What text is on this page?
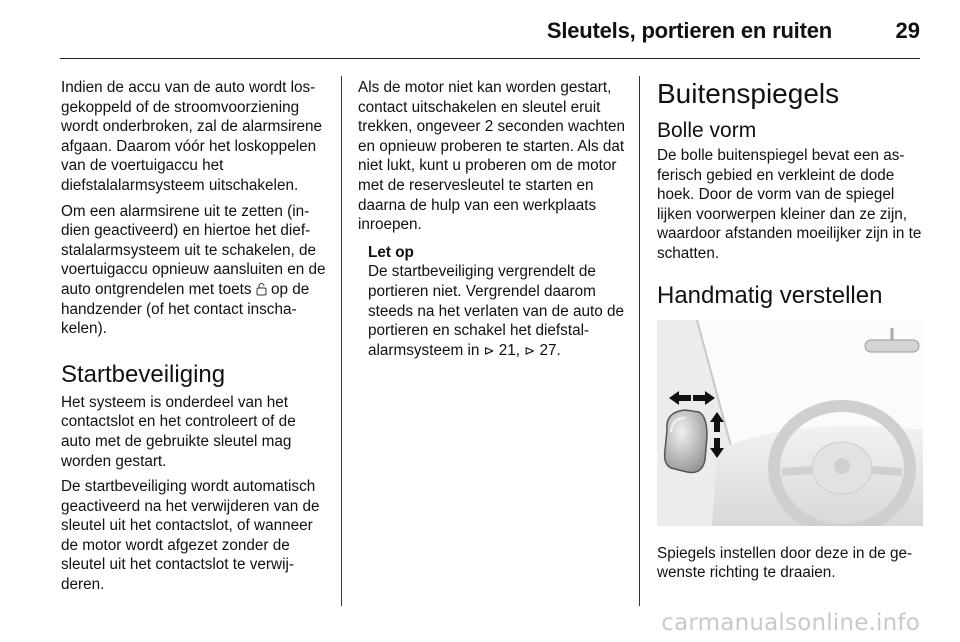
Sleutels, portieren en ruiten	29

Indien de accu van de auto wordt losgekoppeld of de stroomvoorziening wordt onderbroken, zal de alarmsirene afgaan. Daarom vóór het loskoppelen van de voertuigaccu het diefstalalarmsysteem uitschakelen.

Om een alarmsirene uit te zetten (indien geactiveerd) en hiertoe het diefstalalarmsysteem uit te schakelen, de voertuigaccu opnieuw aansluiten en de auto ontgrendelen met toets  op de handzender (of het contact inschakelen).

Startbeveiliging

Het systeem is onderdeel van het contactslot en het controleert of de auto met de gebruikte sleutel mag worden gestart.

De startbeveiliging wordt automatisch geactiveerd na het verwijderen van de sleutel uit het contactslot, of wanneer de motor wordt afgezet zonder de sleutel uit het contactslot te verwijderen.

Als de motor niet kan worden gestart, contact uitschakelen en sleutel eruit trekken, ongeveer 2 seconden wachten en opnieuw proberen te starten. Als dat niet lukt, kunt u proberen om de motor met de reservesleutel te starten en daarna de hulp van een werkplaats inroepen.

Let op
De startbeveiliging vergrendelt de portieren niet. Vergrendel daarom steeds na het verlaten van de auto de portieren en schakel het diefstalalarmsysteem in ⊳ 21, ⊳ 27.
Buitenspiegels
Bolle vorm

De bolle buitenspiegel bevat een asferisch gebied en verkleint de dode hoek. Door de vorm van de spiegel lijken voorwerpen kleiner dan ze zijn, waardoor afstanden moeilijker zijn in te schatten.

Handmatig verstellen

Spiegels instellen door deze in de gewenste richting te draaien.

carmanualsonline.info
